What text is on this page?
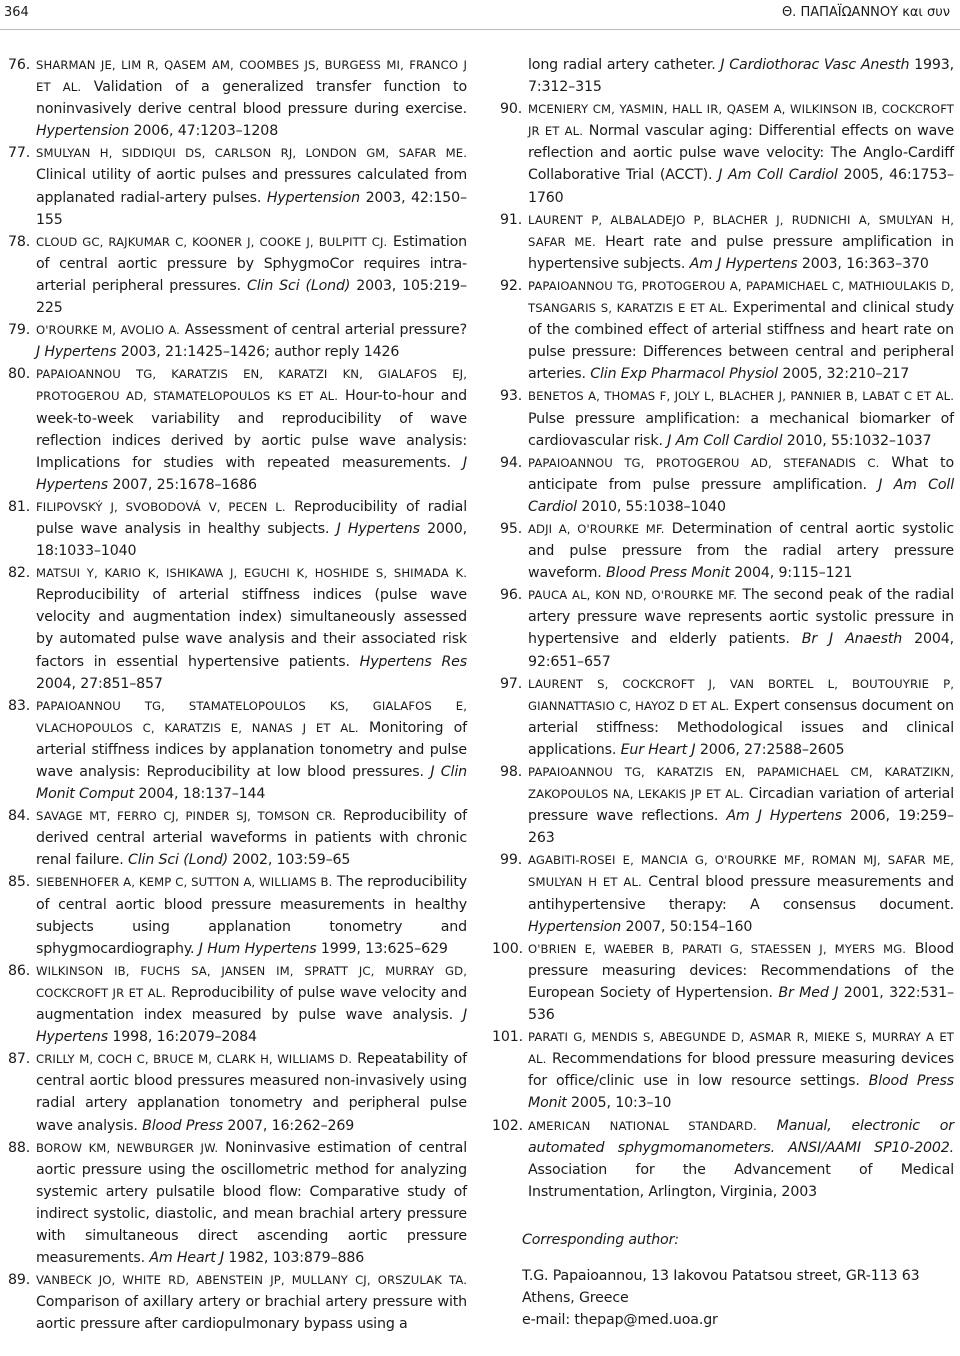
364	Θ. ΠΑΠΑΪΩΑΝΝΟΥ και συν
76. SHARMAN JE, LIM R, QASEM AM, COOMBES JS, BURGESS MI, FRANCO J ET AL. Validation of a generalized transfer function to noninvasively derive central blood pressure during exercise. Hypertension 2006, 47:1203–1208
77. SMULYAN H, SIDDIQUI DS, CARLSON RJ, LONDON GM, SAFAR ME. Clinical utility of aortic pulses and pressures calculated from applanated radial-artery pulses. Hypertension 2003, 42:150–155
78. CLOUD GC, RAJKUMAR C, KOONER J, COOKE J, BULPITT CJ. Estimation of central aortic pressure by SphygmoCor requires intra-arterial peripheral pressures. Clin Sci (Lond) 2003, 105:219–225
79. O'ROURKE M, AVOLIO A. Assessment of central arterial pressure? J Hypertens 2003, 21:1425–1426; author reply 1426
80. PAPAIOANNOU TG, KARATZIS EN, KARATZI KN, GIALAFOS EJ, PROTOGEROU AD, STAMATELOPOULOS KS ET AL. Hour-to-hour and week-to-week variability and reproducibility of wave reflection indices derived by aortic pulse wave analysis: Implications for studies with repeated measurements. J Hypertens 2007, 25:1678–1686
81. FILIPOVSKÝ J, SVOBODOVÁ V, PECEN L. Reproducibility of radial pulse wave analysis in healthy subjects. J Hypertens 2000, 18:1033–1040
82. MATSUI Y, KARIO K, ISHIKAWA J, EGUCHI K, HOSHIDE S, SHIMADA K. Reproducibility of arterial stiffness indices (pulse wave velocity and augmentation index) simultaneously assessed by automated pulse wave analysis and their associated risk factors in essential hypertensive patients. Hypertens Res 2004, 27:851–857
83. PAPAIOANNOU TG, STAMATELOPOULOS KS, GIALAFOS E, VLACHOPOULOS C, KARATZIS E, NANAS J ET AL. Monitoring of arterial stiffness indices by applanation tonometry and pulse wave analysis: Reproducibility at low blood pressures. J Clin Monit Comput 2004, 18:137–144
84. SAVAGE MT, FERRO CJ, PINDER SJ, TOMSON CR. Reproducibility of derived central arterial waveforms in patients with chronic renal failure. Clin Sci (Lond) 2002, 103:59–65
85. SIEBENHOFER A, KEMP C, SUTTON A, WILLIAMS B. The reproducibility of central aortic blood pressure measurements in healthy subjects using applanation tonometry and sphygmocardiography. J Hum Hypertens 1999, 13:625–629
86. WILKINSON IB, FUCHS SA, JANSEN IM, SPRATT JC, MURRAY GD, COCKCROFT JR ET AL. Reproducibility of pulse wave velocity and augmentation index measured by pulse wave analysis. J Hypertens 1998, 16:2079–2084
87. CRILLY M, COCH C, BRUCE M, CLARK H, WILLIAMS D. Repeatability of central aortic blood pressures measured non-invasively using radial artery applanation tonometry and peripheral pulse wave analysis. Blood Press 2007, 16:262–269
88. BOROW KM, NEWBURGER JW. Noninvasive estimation of central aortic pressure using the oscillometric method for analyzing systemic artery pulsatile blood flow: Comparative study of indirect systolic, diastolic, and mean brachial artery pressure with simultaneous direct ascending aortic pressure measurements. Am Heart J 1982, 103:879–886
89. VANBECK JO, WHITE RD, ABENSTEIN JP, MULLANY CJ, ORSZULAK TA. Comparison of axillary artery or brachial artery pressure with aortic pressure after cardiopulmonary bypass using a
long radial artery catheter. J Cardiothorac Vasc Anesth 1993, 7:312–315
90. MCENIERY CM, YASMIN, HALL IR, QASEM A, WILKINSON IB, COCKCROFT JR ET AL. Normal vascular aging: Differential effects on wave reflection and aortic pulse wave velocity: The Anglo-Cardiff Collaborative Trial (ACCT). J Am Coll Cardiol 2005, 46:1753–1760
91. LAURENT P, ALBALADEJO P, BLACHER J, RUDNICHI A, SMULYAN H, SAFAR ME. Heart rate and pulse pressure amplification in hypertensive subjects. Am J Hypertens 2003, 16:363–370
92. PAPAIOANNOU TG, PROTOGEROU A, PAPAMICHAEL C, MATHIOULAKIS D, TSANGARIS S, KARATZIS E ET AL. Experimental and clinical study of the combined effect of arterial stiffness and heart rate on pulse pressure: Differences between central and peripheral arteries. Clin Exp Pharmacol Physiol 2005, 32:210–217
93. BENETOS A, THOMAS F, JOLY L, BLACHER J, PANNIER B, LABAT C ET AL. Pulse pressure amplification: a mechanical biomarker of cardiovascular risk. J Am Coll Cardiol 2010, 55:1032–1037
94. PAPAIOANNOU TG, PROTOGEROU AD, STEFANADIS C. What to anticipate from pulse pressure amplification. J Am Coll Cardiol 2010, 55:1038–1040
95. ADJI A, O'ROURKE MF. Determination of central aortic systolic and pulse pressure from the radial artery pressure waveform. Blood Press Monit 2004, 9:115–121
96. PAUCA AL, KON ND, O'ROURKE MF. The second peak of the radial artery pressure wave represents aortic systolic pressure in hypertensive and elderly patients. Br J Anaesth 2004, 92:651–657
97. LAURENT S, COCKCROFT J, VAN BORTEL L, BOUTOUYRIE P, GIANNATTASIO C, HAYOZ D ET AL. Expert consensus document on arterial stiffness: Methodological issues and clinical applications. Eur Heart J 2006, 27:2588–2605
98. PAPAIOANNOU TG, KARATZIS EN, PAPAMICHAEL CM, KARATZIKN, ZAKOPOULOS NA, LEKAKIS JP ET AL. Circadian variation of arterial pressure wave reflections. Am J Hypertens 2006, 19:259–263
99. AGABITI-ROSEI E, MANCIA G, O'ROURKE MF, ROMAN MJ, SAFAR ME, SMULYAN H ET AL. Central blood pressure measurements and antihypertensive therapy: A consensus document. Hypertension 2007, 50:154–160
100. O'BRIEN E, WAEBER B, PARATI G, STAESSEN J, MYERS MG. Blood pressure measuring devices: Recommendations of the European Society of Hypertension. Br Med J 2001, 322:531–536
101. PARATI G, MENDIS S, ABEGUNDE D, ASMAR R, MIEKE S, MURRAY A ET AL. Recommendations for blood pressure measuring devices for office/clinic use in low resource settings. Blood Press Monit 2005, 10:3–10
102. AMERICAN NATIONAL STANDARD. Manual, electronic or automated sphygmomanometers. ANSI/AAMI SP10-2002. Association for the Advancement of Medical Instrumentation, Arlington, Virginia, 2003
Corresponding author:
T.G. Papaioannou, 13 Iakovou Patatsou street, GR-113 63 Athens, Greece
e-mail: thepap@med.uoa.gr
